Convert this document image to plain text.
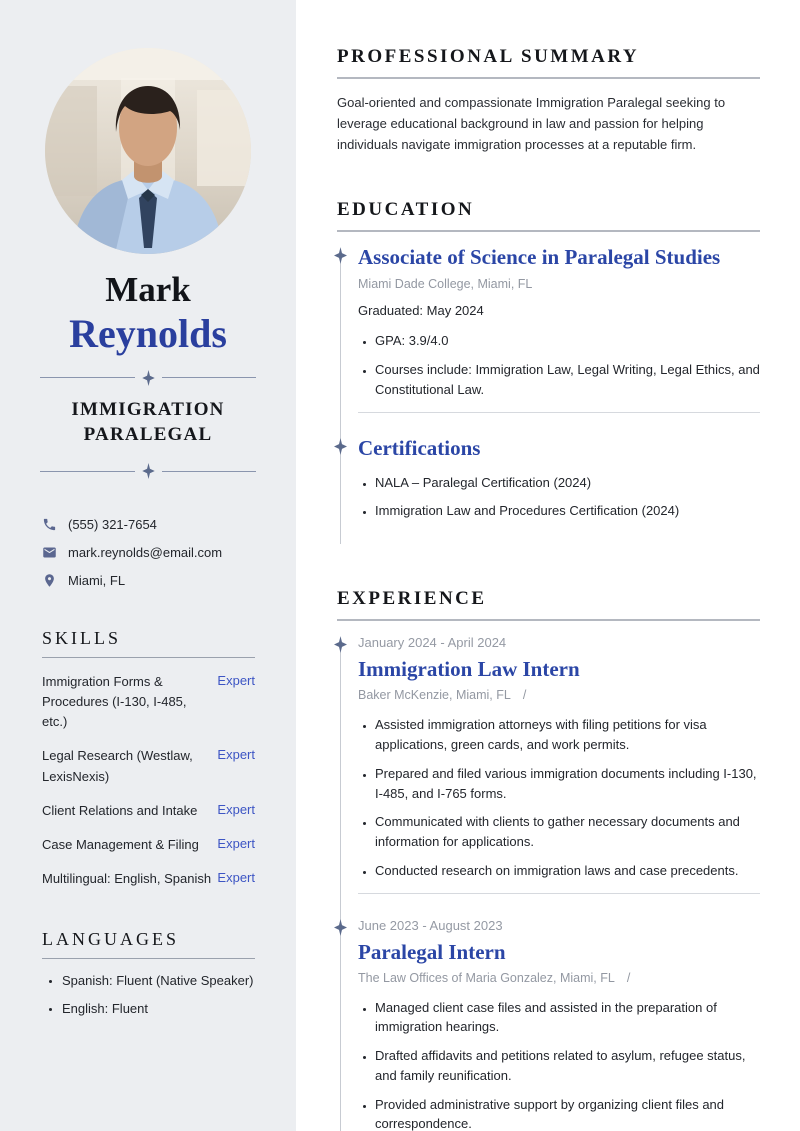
Mark
Reynolds
IMMIGRATION
PARALEGAL
(555) 321-7654
mark.reynolds@email.com
Miami, FL
SKILLS
Immigration Forms & Procedures (I-130, I-485, etc.)
Expert
Legal Research (Westlaw, LexisNexis)
Expert
Client Relations and Intake	Expert
Case Management & Filing	Expert
Multilingual: English, Spanish Expert
LANGUAGES
• Spanish: Fluent (Native Speaker)
• English: Fluent
PROFESSIONAL SUMMARY

Goal-oriented and compassionate Immigration Paralegal seeking to leverage educational background in law and passion for helping individuals navigate immigration processes at a reputable firm.

EDUCATION
Associate of Science in Paralegal Studies
Miami Dade College, Miami, FL
Graduated: May 2024
• GPA: 3.9/4.0
• Courses include: Immigration Law, Legal Writing, Legal Ethics, and Constitutional Law.
Certifications
• NALA – Paralegal Certification (2024)
• Immigration Law and Procedures Certification (2024)
EXPERIENCE
January 2024 - April 2024
Immigration Law Intern
Baker McKenzie, Miami, FL /
• Assisted immigration attorneys with filing petitions for visa applications, green cards, and work permits.
• Prepared and filed various immigration documents including I-130, I-485, and I-765 forms.
• Communicated with clients to gather necessary documents and information for applications.
• Conducted research on immigration laws and case precedents.
June 2023 - August 2023
Paralegal Intern
The Law Offices of Maria Gonzalez, Miami, FL /
• Managed client case files and assisted in the preparation of immigration hearings.
• Drafted affidavits and petitions related to asylum, refugee status, and family reunification.
• Provided administrative support by organizing client files and correspondence.
